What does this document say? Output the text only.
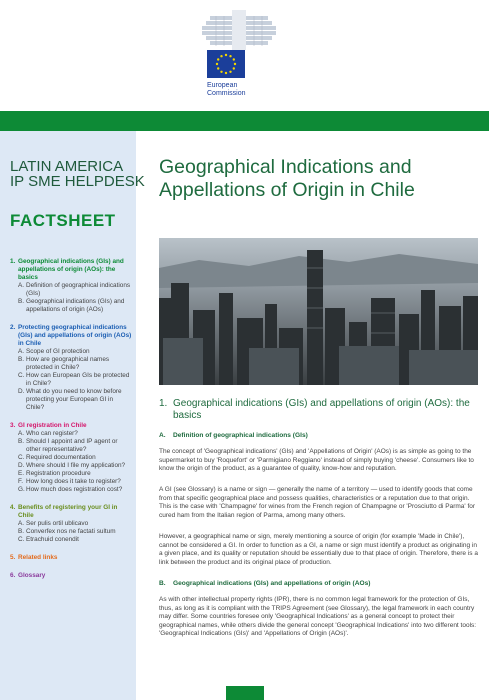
European
Commission
LATIN AMERICA
IP SME HELPDESK
FACTSHEET
1. Geographical indications (GIs) and appellations of origin (AOs): the basics
A. Definition of geographical indications (GIs)
B. Geographical indications (GIs) and appellations of origin (AOs)
2. Protecting geographical indications (GIs) and appellations of origin (AOs) in Chile
A. Scope of GI protection
B. How are geographical names protected in Chile?
C. How can European GIs be protected in Chile?
D. What do you need to know before protecting your European GI in Chile?
3. GI registration in Chile
A. Who can register?
B. Should I appoint and IP agent or other representative?
C. Required documentation
D. Where should I file my application?
E. Registration procedure
F. How long does it take to register?
G. How much does registration cost?
4. Benefits of registering your GI in Chile
A. Ser pulis ortil ublicavo
B. Converfex nos ne factati sultum
C. Etrachuid conendit
5. Related links
6. Glossary
Geographical Indications and Appellations of Origin in Chile
1. Geographical indications (GIs) and appellations of origin (AOs): the basics
A.	Definition of geographical indications (GIs)
The concept of 'Geographical indications' (GIs) and 'Appellations of Origin' (AOs) is as simple as going to the supermarket to buy 'Roquefort' or 'Parmigiano Reggiano' instead of simply buying 'cheese'. Consumers like to know the origin of the product, as a guarantee of quality, know-how and reputation.
A GI (see Glossary) is a name or sign — generally the name of a territory — used to identify goods that come from that specific geographical place and possess qualities, characteristics or a reputation due to that origin. This is the case with 'Champagne' for wines from the French region of Champagne or 'Prosciutto di Parma' for cured ham from the Italian region of Parma, among many others.
However, a geographical name or sign, merely mentioning a source of origin (for example 'Made in Chile'), cannot be considered a GI. In order to function as a GI, a name or sign must identify a product as originating in a given place, and its quality or reputation should be essentially due to that place of origin. Therefore, there is a link between the product and its original place of production.
B.	Geographical indications (GIs) and appellations of origin (AOs)
As with other intellectual property rights (IPR), there is no common legal framework for the protection of GIs, thus, as long as it is compliant with the TRIPS Agreement (see Glossary), the legal framework in each country may differ. Some countries foresee only 'Geographical Indications' as a general concept to protect their geographical names, while others divide the general concept 'Geographical Indications' into two different tools: 'Geographical Indications (GIs)' and 'Appellations of Origin (AOs)'.
